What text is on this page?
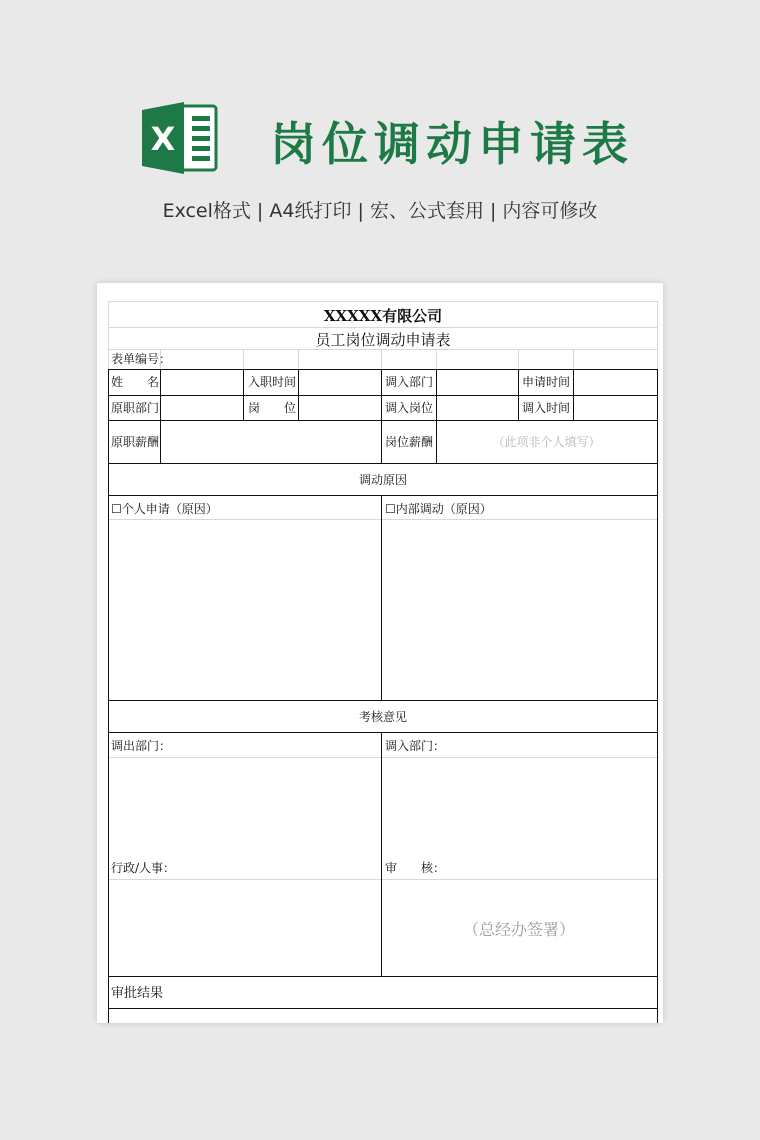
X 岗位调动申请表
Excel格式 | A4纸打印 | 宏、公式套用 | 内容可修改
XXXXX有限公司
员工岗位调动申请表
表单编号：
姓　　名	入职时间	调入部门	申请时间
原职部门	岗　　位	调入岗位	调入时间
原职薪酬	岗位薪酬	（此项非个人填写）
调动原因
☐个人申请（原因）	☐内部调动（原因）
考核意见
调出部门：	调入部门：
行政/人事：	审　　核：
（总经办签署）
审批结果
